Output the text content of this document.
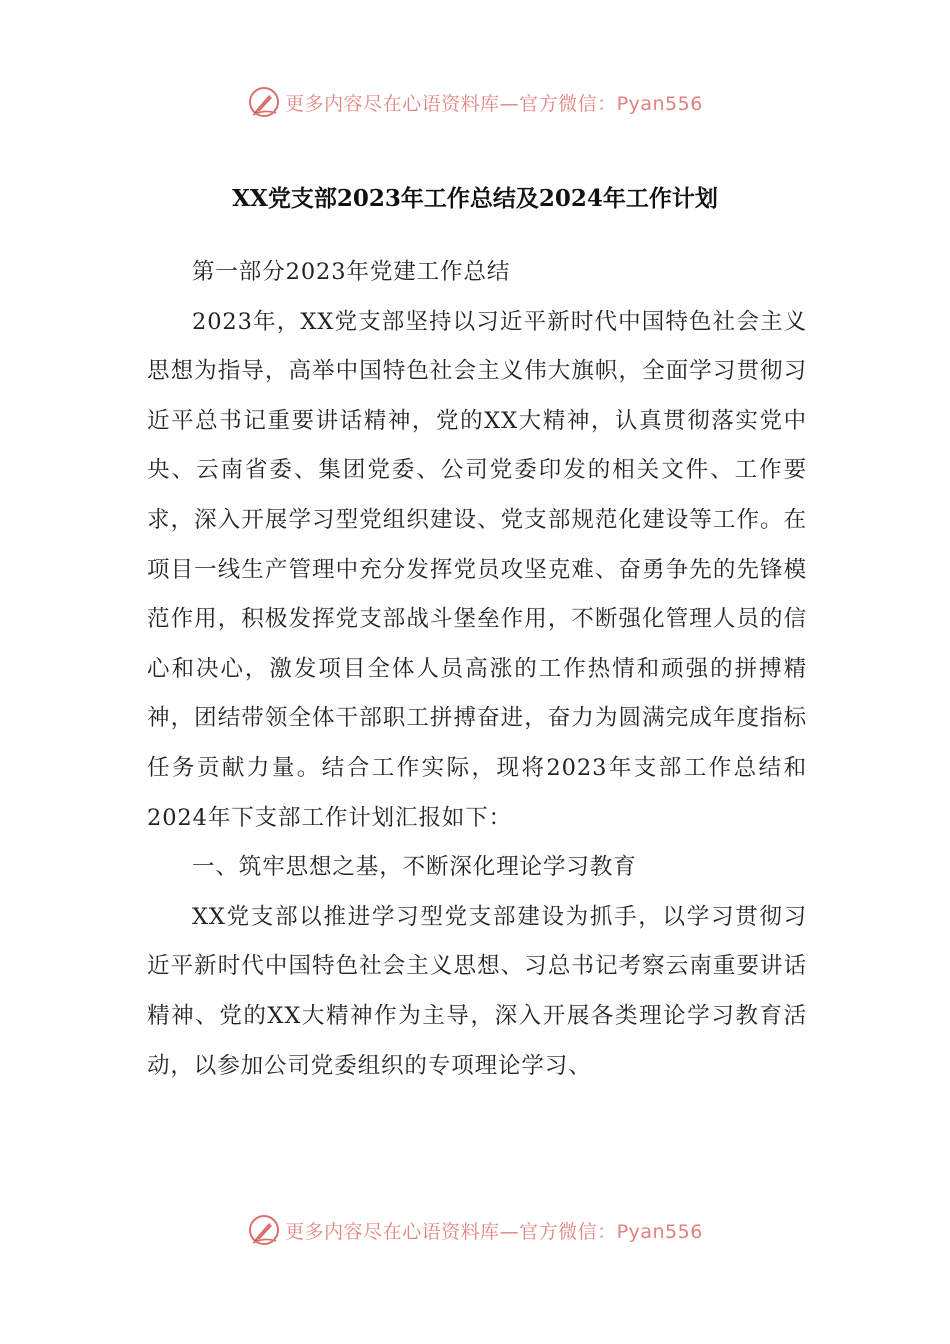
更多内容尽在心语资料库—官方微信：Pyan556
XX党支部2023年工作总结及2024年工作计划

第一部分2023年党建工作总结

2023年，XX党支部坚持以习近平新时代中国特色社会主义思想为指导，高举中国特色社会主义伟大旗帜，全面学习贯彻习近平总书记重要讲话精神，党的XX大精神，认真贯彻落实党中央、云南省委、集团党委、公司党委印发的相关文件、工作要求，深入开展学习型党组织建设、党支部规范化建设等工作。在项目一线生产管理中充分发挥党员攻坚克难、奋勇争先的先锋模范作用，积极发挥党支部战斗堡垒作用，不断强化管理人员的信心和决心，激发项目全体人员高涨的工作热情和顽强的拼搏精神，团结带领全体干部职工拼搏奋进，奋力为圆满完成年度指标任务贡献力量。结合工作实际，现将2023年支部工作总结和2024年下支部工作计划汇报如下：

一、筑牢思想之基，不断深化理论学习教育

XX党支部以推进学习型党支部建设为抓手，以学习贯彻习近平新时代中国特色社会主义思想、习总书记考察云南重要讲话精神、党的XX大精神作为主导，深入开展各类理论学习教育活动，以参加公司党委组织的专项理论学习、

更多内容尽在心语资料库—官方微信：Pyan556
